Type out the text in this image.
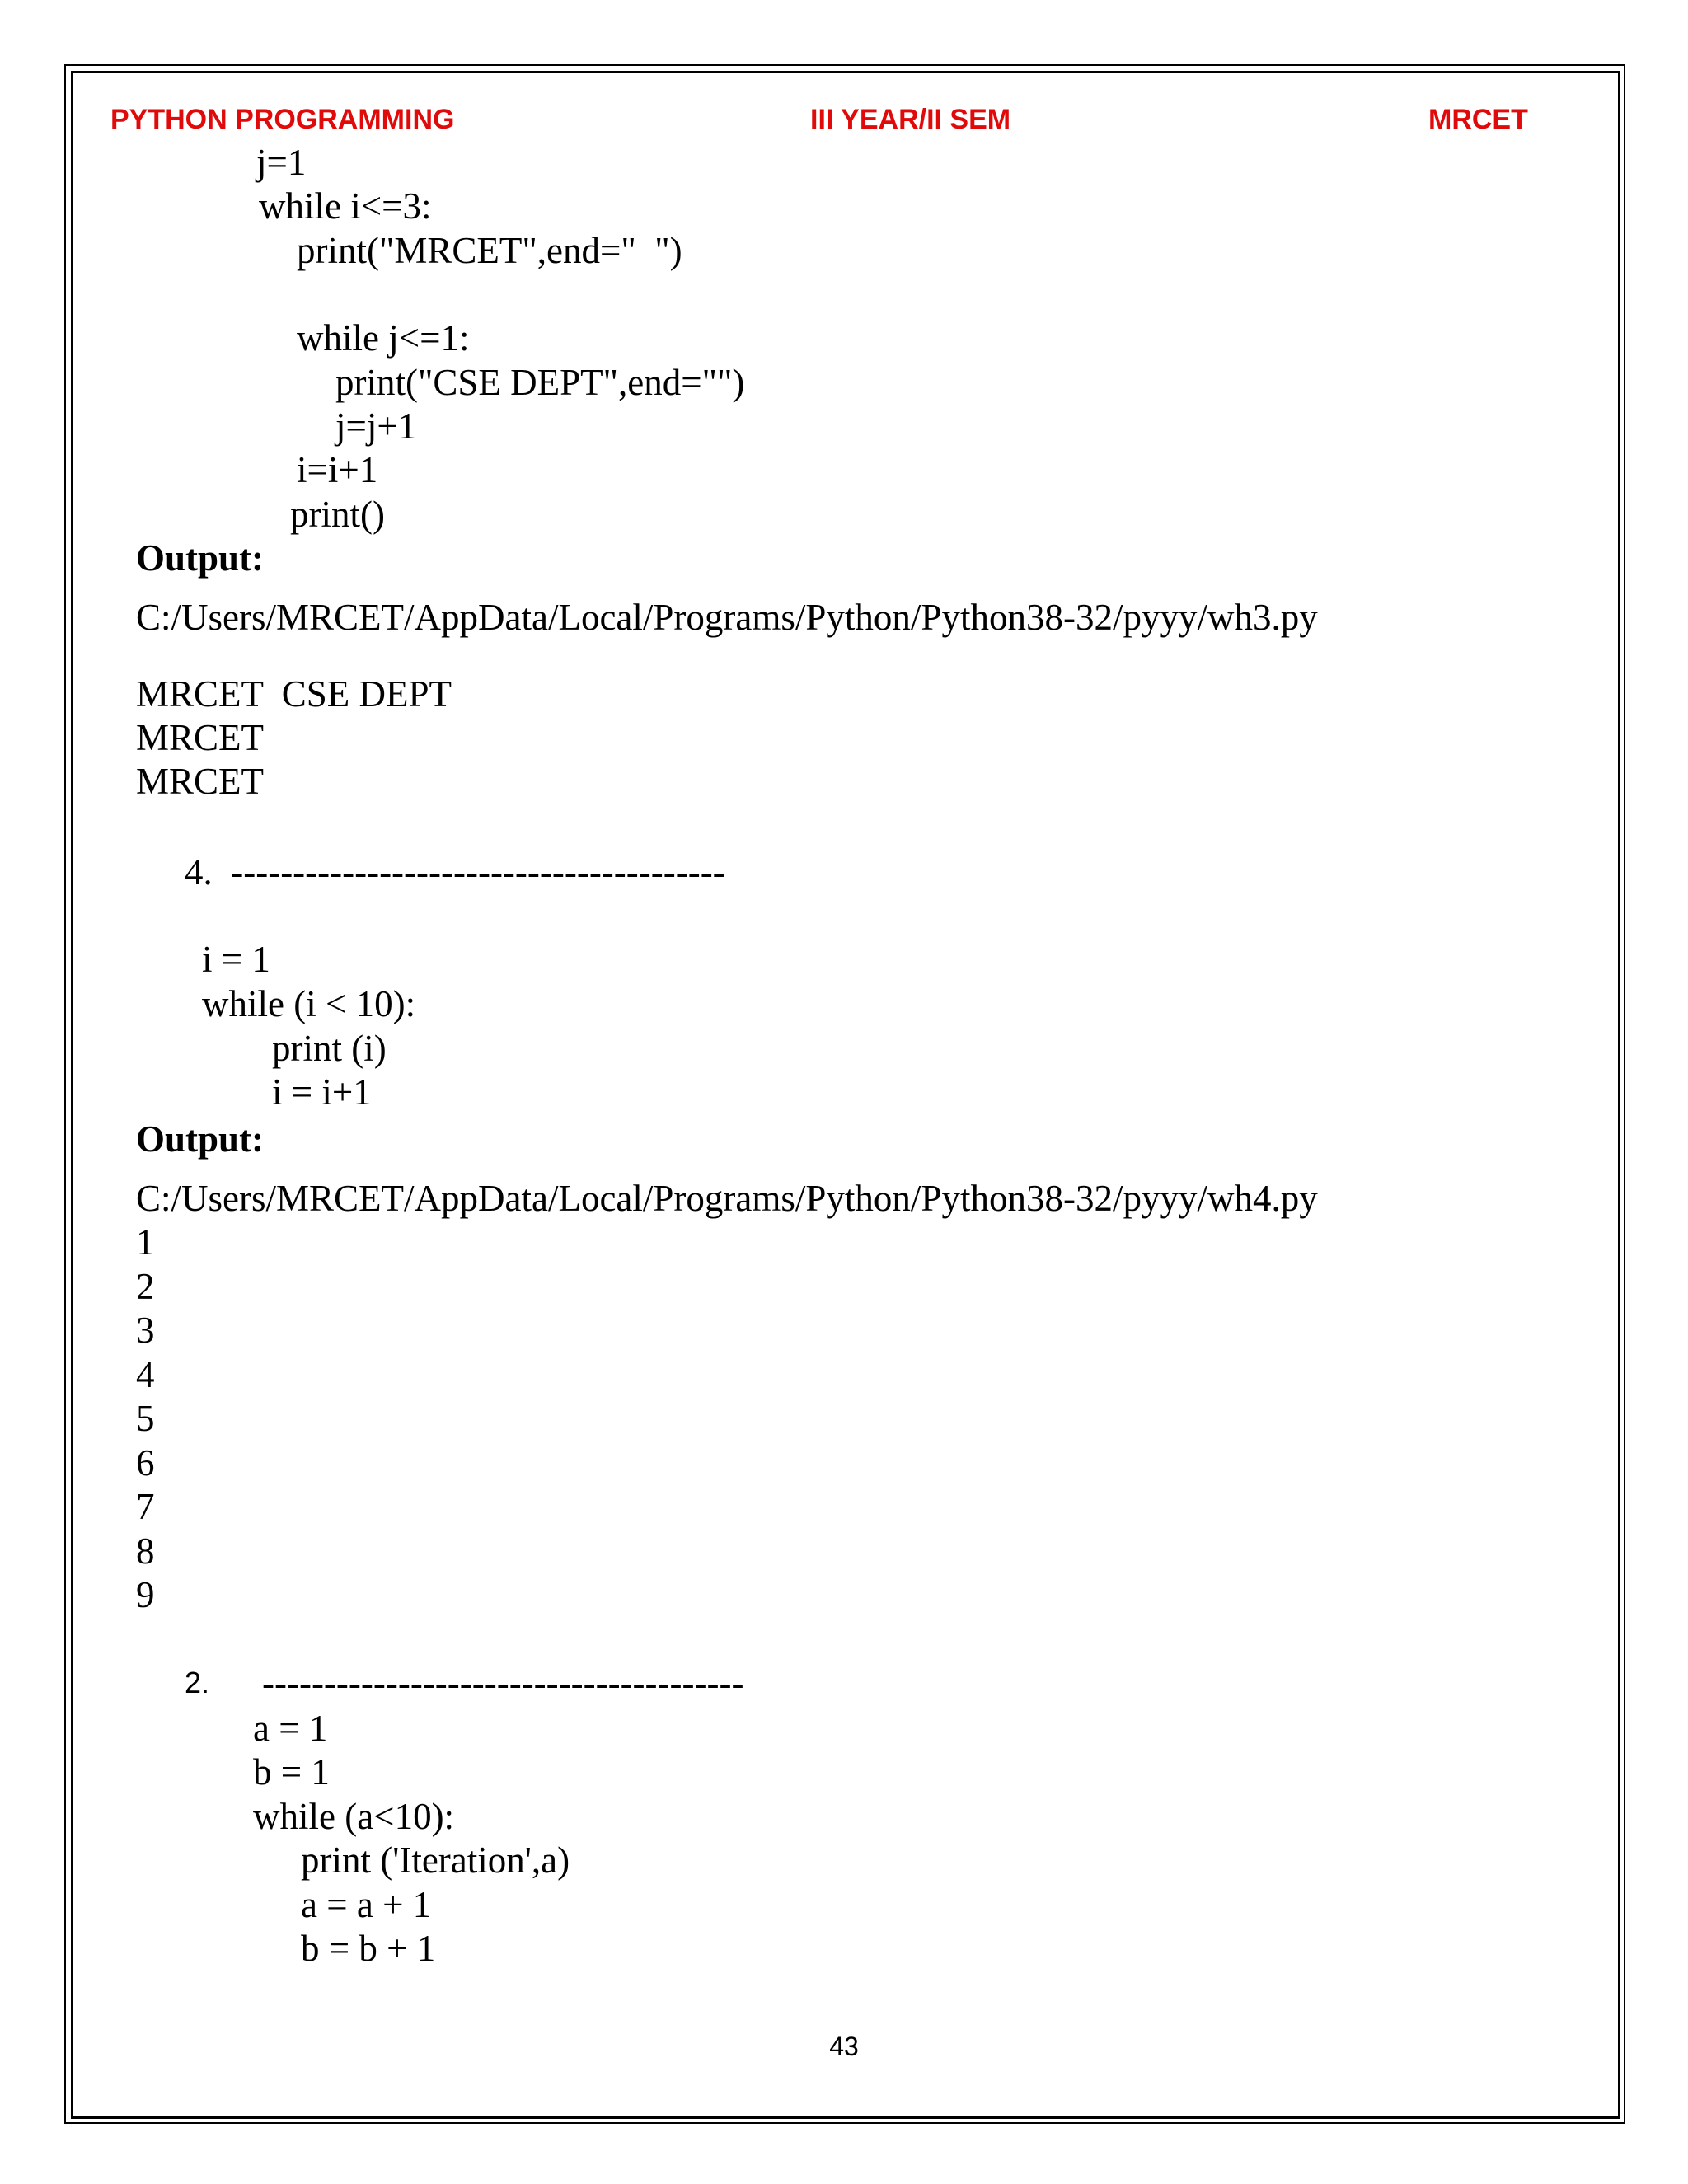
PYTHON PROGRAMMING	III YEAR/II SEM	MRCET
j=1
while i<=3:
print("MRCET",end="  ")
while j<=1:
print("CSE DEPT",end="")
j=j+1
i=i+1
print()
Output:
C:/Users/MRCET/AppData/Local/Programs/Python/Python38-32/pyyy/wh3.py
MRCET  CSE DEPT
MRCET
MRCET
4.  ----------------------------------------
i = 1
while (i < 10):
print (i)
i = i+1
Output:
C:/Users/MRCET/AppData/Local/Programs/Python/Python38-32/pyyy/wh4.py
1
2
3
4
5
6
7
8
9
2. ---------------------------------------
a = 1
b = 1
while (a<10):
print ('Iteration',a)
a = a + 1
b = b + 1
43
